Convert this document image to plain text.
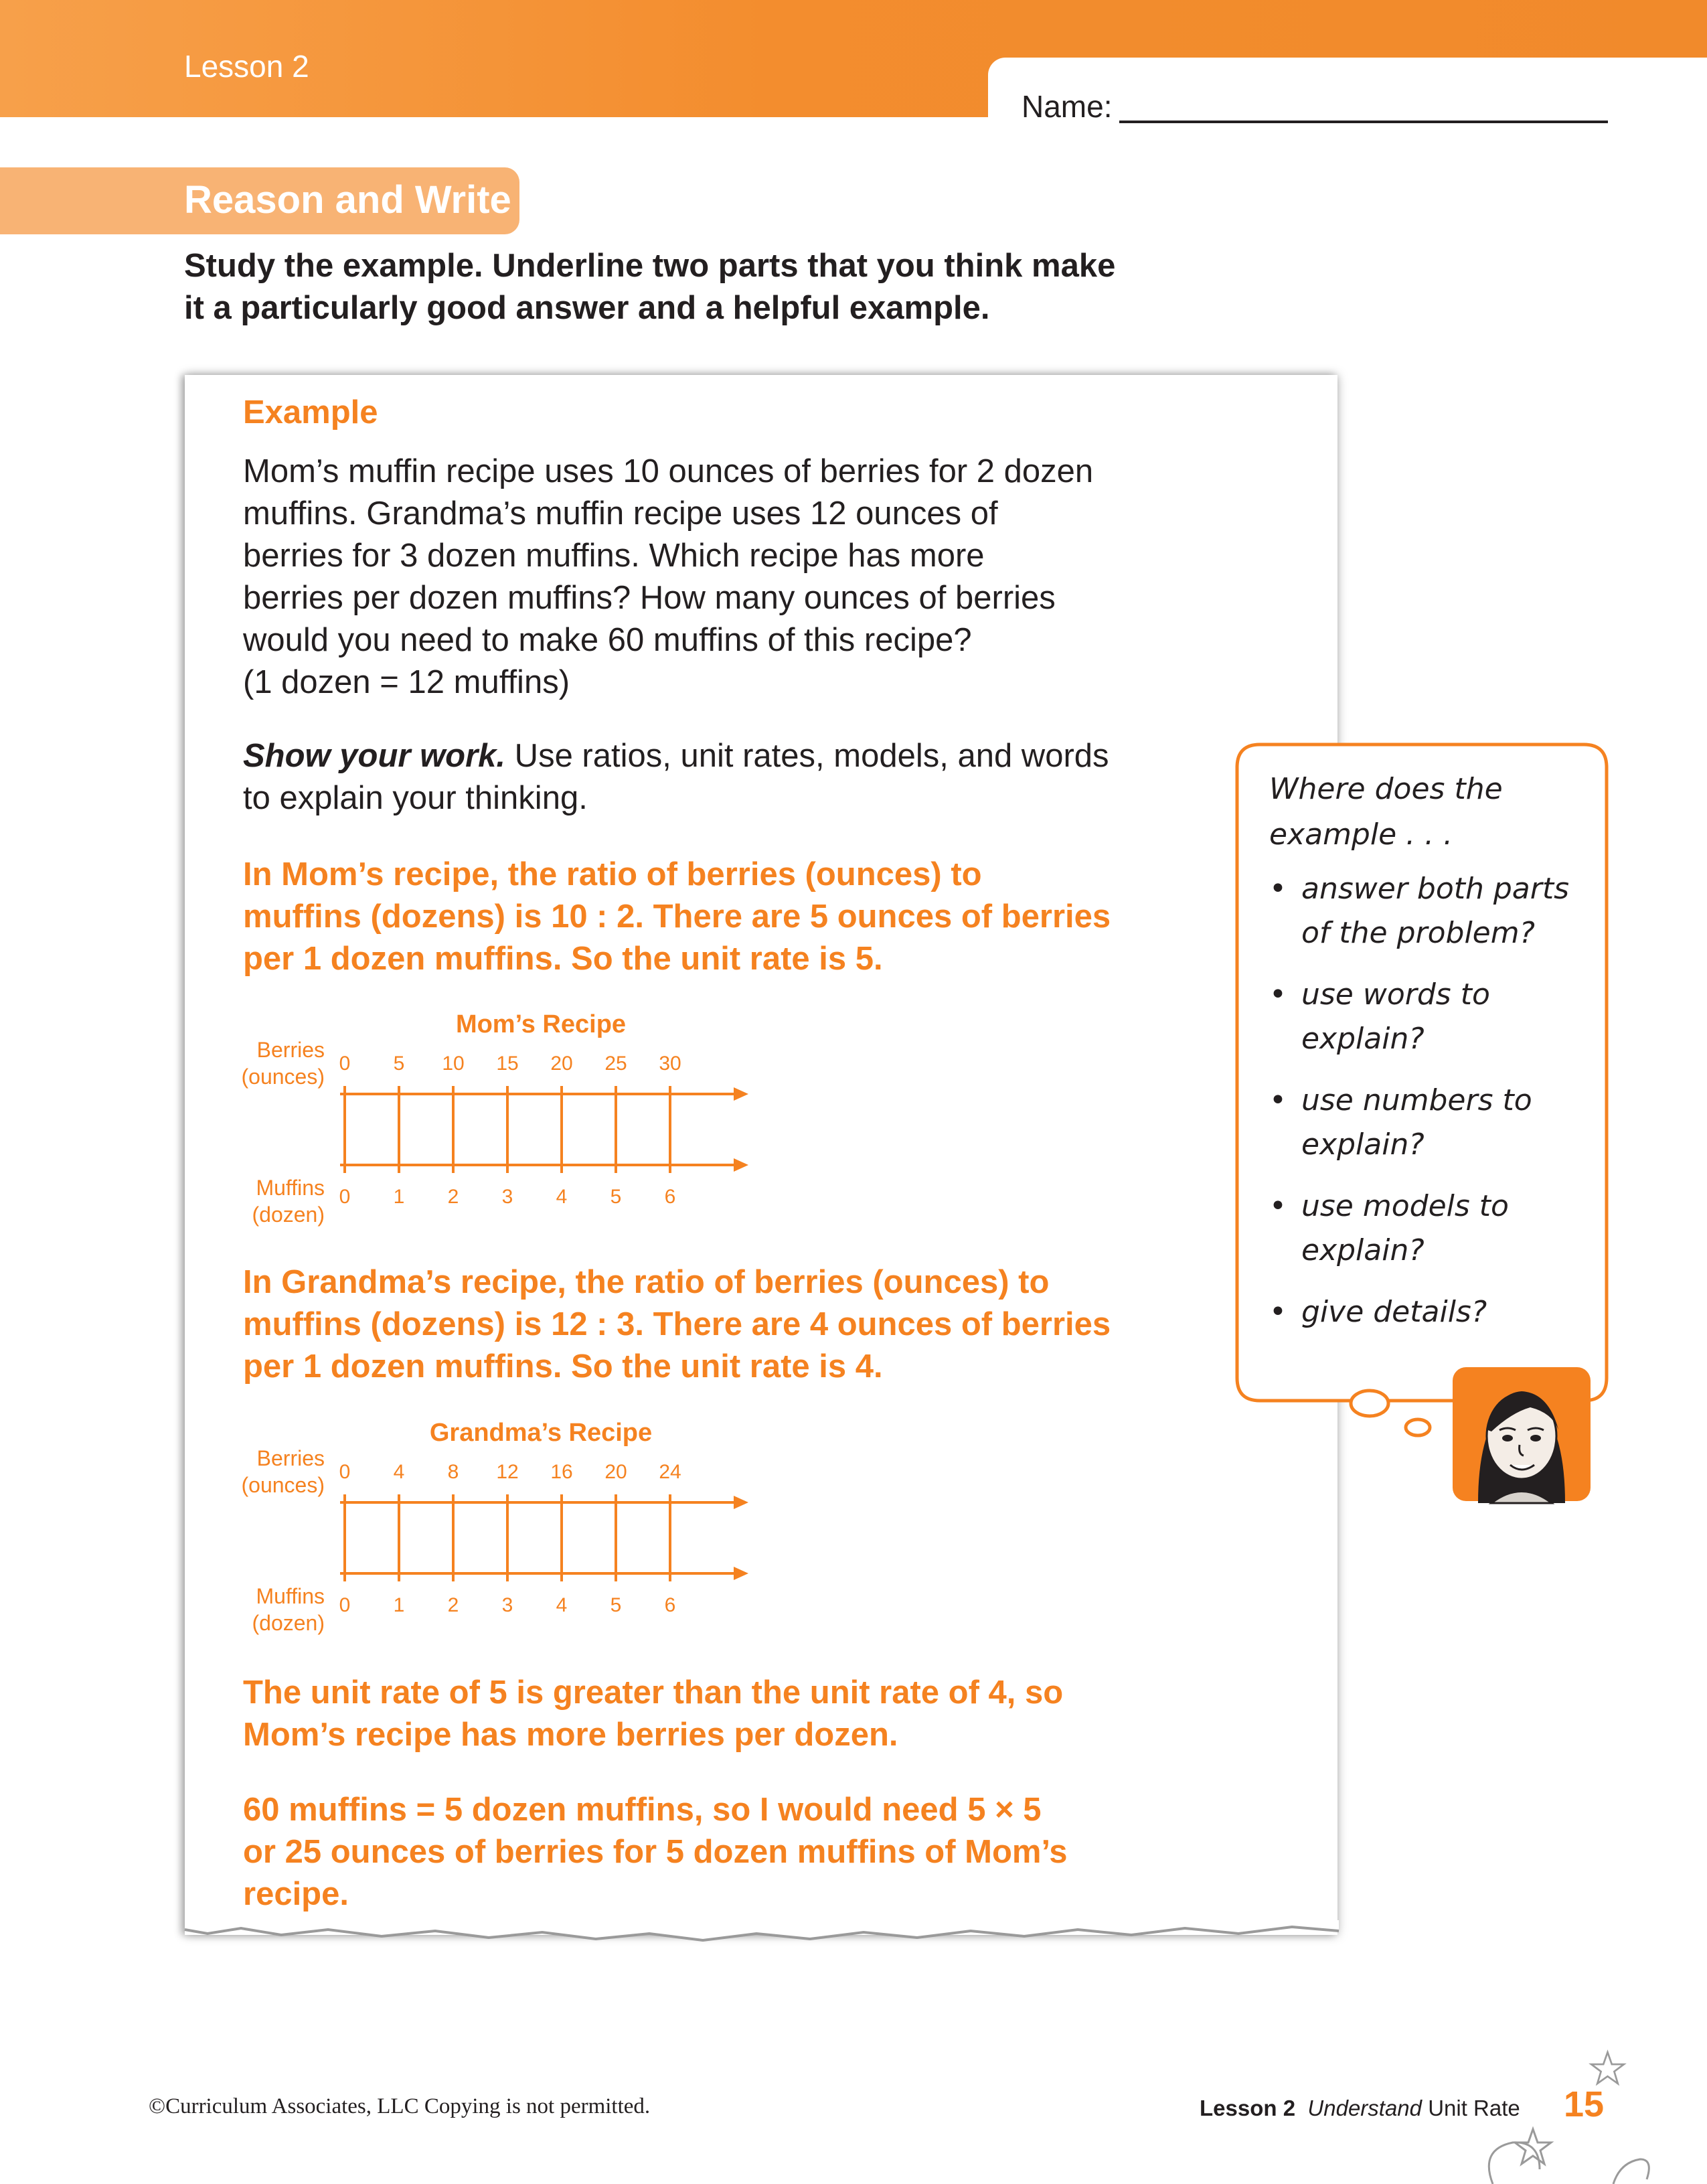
Lesson 2
Name:
Reason and Write
Study the example. Underline two parts that you think make
it a particularly good answer and a helpful example.
Example
Mom’s muffin recipe uses 10 ounces of berries for 2 dozen
muffins. Grandma’s muffin recipe uses 12 ounces of
berries for 3 dozen muffins. Which recipe has more
berries per dozen muffins? How many ounces of berries
would you need to make 60 muffins of this recipe?
(1 dozen = 12 muffins)
Show your work. Use ratios, unit rates, models, and words
to explain your thinking.
In Mom’s recipe, the ratio of berries (ounces) to
muffins (dozens) is 10 : 2. There are 5 ounces of berries
per 1 dozen muffins. So the unit rate is 5.
Mom’s Recipe
Berries
(ounces)
Muffins
(dozen)
0 5 10 15 20 25 30
0 1 2 3 4 5 6
In Grandma’s recipe, the ratio of berries (ounces) to
muffins (dozens) is 12 : 3. There are 4 ounces of berries
per 1 dozen muffins. So the unit rate is 4.
Grandma’s Recipe
Berries
(ounces)
Muffins
(dozen)
0 4 8 12 16 20 24
0 1 2 3 4 5 6
The unit rate of 5 is greater than the unit rate of 4, so
Mom’s recipe has more berries per dozen.
60 muffins = 5 dozen muffins, so I would need 5 × 5
or 25 ounces of berries for 5 dozen muffins of Mom’s
recipe.
Where does the
example . . .
• answer both parts
of the problem?
• use words to
explain?
• use numbers to
explain?
• use models to
explain?
• give details?
©Curriculum Associates, LLC Copying is not permitted.	Lesson 2 Understand Unit Rate 15
